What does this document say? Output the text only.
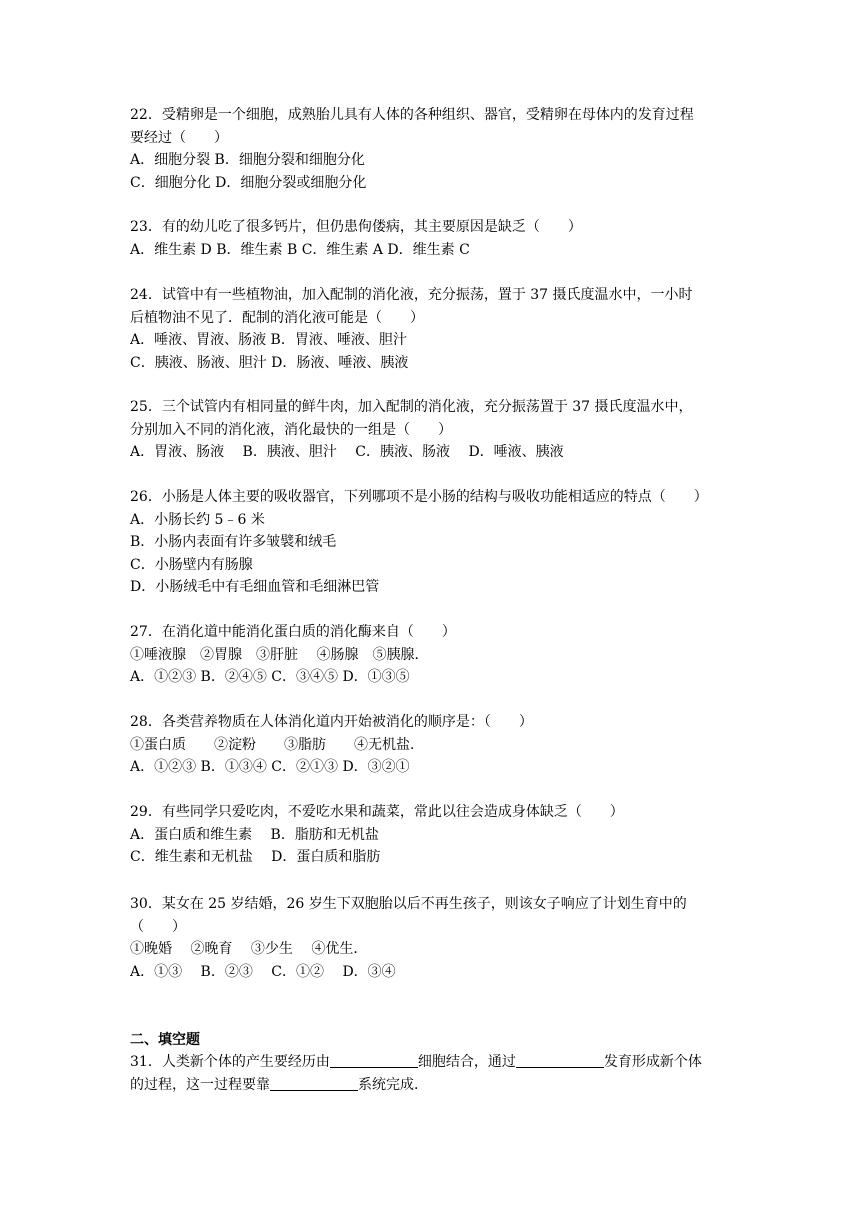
22．受精卵是一个细胞，成熟胎儿具有人体的各种组织、器官，受精卵在母体内的发育过程
要经过（　　）
A．细胞分裂 B．细胞分裂和细胞分化
C．细胞分化 D．细胞分裂或细胞分化
23．有的幼儿吃了很多钙片，但仍患佝偻病，其主要原因是缺乏（　　）
A．维生素 D B．维生素 B C．维生素 A D．维生素 C
24．试管中有一些植物油，加入配制的消化液，充分振荡，置于 37 摄氏度温水中，一小时
后植物油不见了．配制的消化液可能是（　　）
A．唾液、胃液、肠液 B．胃液、唾液、胆汁
C．胰液、肠液、胆汁 D．肠液、唾液、胰液
25．三个试管内有相同量的鲜牛肉，加入配制的消化液，充分振荡置于 37 摄氏度温水中，
分别加入不同的消化液，消化最快的一组是（　　）
A．胃液、肠液　 B．胰液、胆汁　 C．胰液、肠液　 D．唾液、胰液
26．小肠是人体主要的吸收器官，下列哪项不是小肠的结构与吸收功能相适应的特点（　　）
A．小肠长约 5﹣6 米
B．小肠内表面有许多皱襞和绒毛
C．小肠壁内有肠腺
D．小肠绒毛中有毛细血管和毛细淋巴管
27．在消化道中能消化蛋白质的消化酶来自（　　）
①唾液腺　②胃腺　③肝脏　 ④肠腺　⑤胰腺．
A．①②③ B．②④⑤ C．③④⑤ D．①③⑤
28．各类营养物质在人体消化道内开始被消化的顺序是：（　　）
①蛋白质　　②淀粉　　③脂肪　　④无机盐．
A．①②③ B．①③④ C．②①③ D．③②①
29．有些同学只爱吃肉，不爱吃水果和蔬菜，常此以往会造成身体缺乏（　　）
A．蛋白质和维生素　 B．脂肪和无机盐
C．维生素和无机盐　 D．蛋白质和脂肪
30．某女在 25 岁结婚，26 岁生下双胞胎以后不再生孩子，则该女子响应了计划生育中的
（　　）
①晚婚　 ②晚育　 ③少生　 ④优生．
A．①③　 B．②③　 C．①②　 D．③④
二、填空题
31．人类新个体的产生要经历由	细胞结合，通过	发育形成新个体
的过程，这一过程要靠	系统完成．
